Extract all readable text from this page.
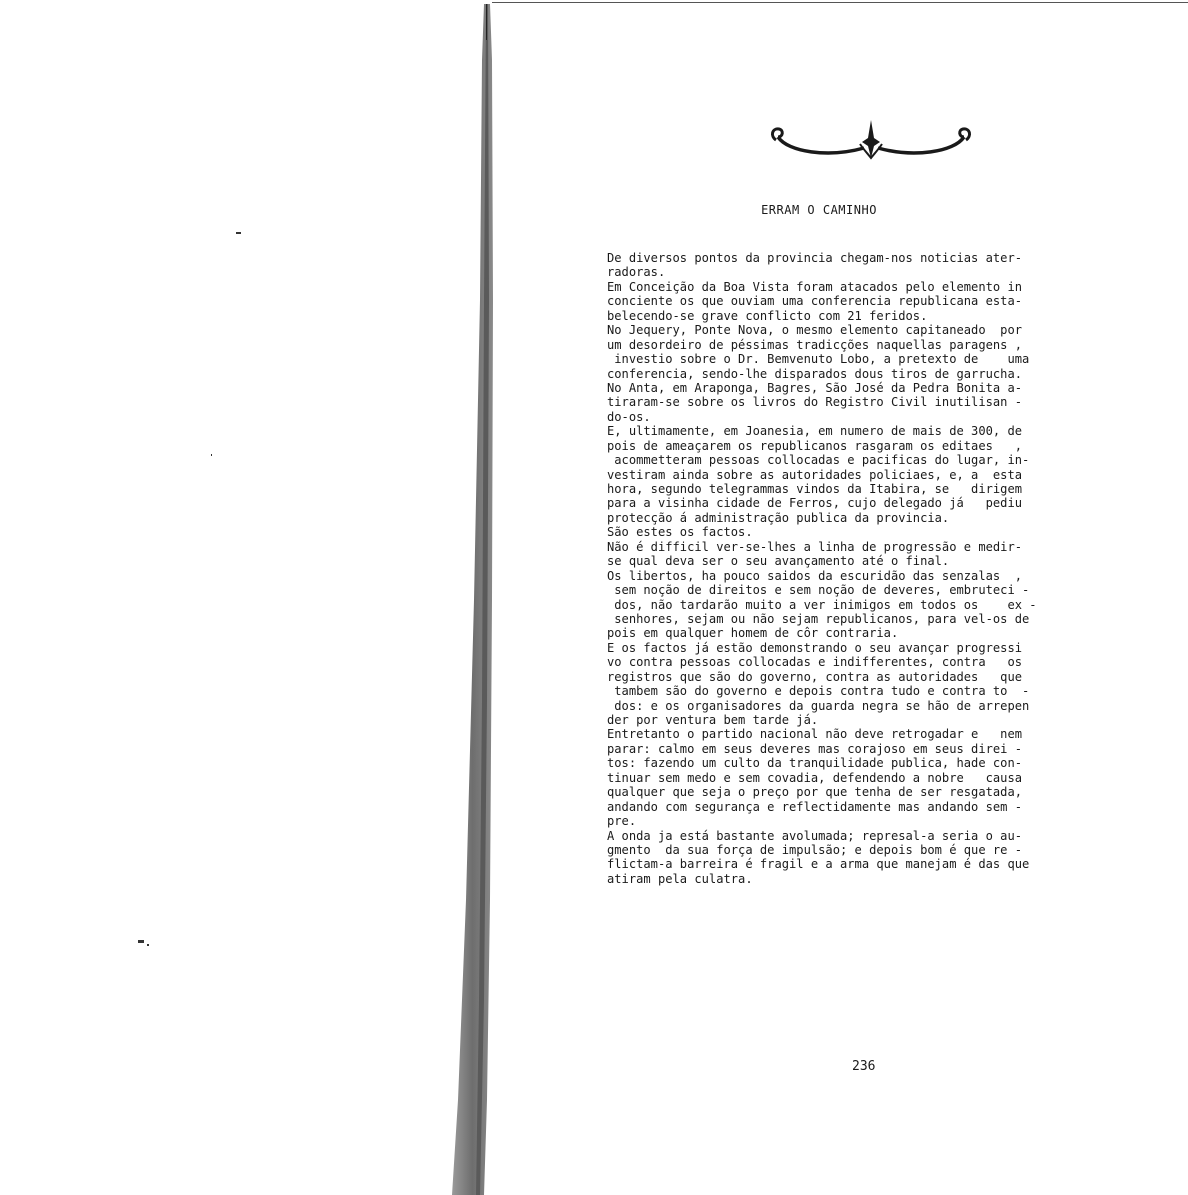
ERRAM O CAMINHO
De diversos pontos da provincia chegam-nos noticias ater-
radoras.
Em Conceição da Boa Vista foram atacados pelo elemento in
conciente os que ouviam uma conferencia republicana esta-
belecendo-se grave conflicto com 21 feridos.
No Jequery, Ponte Nova, o mesmo elemento capitaneado  por
um desordeiro de péssimas tradicções naquellas paragens ,
investio sobre o Dr. Bemvenuto Lobo, a pretexto de    uma
conferencia, sendo-lhe disparados dous tiros de garrucha.
No Anta, em Araponga, Bagres, São José da Pedra Bonita a-
tiraram-se sobre os livros do Registro Civil inutilisan -
do-os.
E, ultimamente, em Joanesia, em numero de mais de 300, de
pois de ameaçarem os republicanos rasgaram os editaes   ,
acommetteram pessoas collocadas e pacificas do lugar, in-
vestiram ainda sobre as autoridades policiaes, e, a  esta
hora, segundo telegrammas vindos da Itabira, se   dirigem
para a visinha cidade de Ferros, cujo delegado já   pediu
protecção á administração publica da provincia.
São estes os factos.
Não é difficil ver-se-lhes a linha de progressão e medir-
se qual deva ser o seu avançamento até o final.
Os libertos, ha pouco saidos da escuridão das senzalas  ,
sem noção de direitos e sem noção de deveres, embruteci -
dos, não tardarão muito a ver inimigos em todos os    ex -
senhores, sejam ou não sejam republicanos, para vel-os de
pois em qualquer homem de côr contraria.
E os factos já estão demonstrando o seu avançar progressi
vo contra pessoas collocadas e indifferentes, contra   os
registros que são do governo, contra as autoridades   que
tambem são do governo e depois contra tudo e contra to  -
dos: e os organisadores da guarda negra se hão de arrepen
der por ventura bem tarde já.
Entretanto o partido nacional não deve retrogadar e   nem
parar: calmo em seus deveres mas corajoso em seus direi -
tos: fazendo um culto da tranquilidade publica, hade con-
tinuar sem medo e sem covadia, defendendo a nobre   causa
qualquer que seja o preço por que tenha de ser resgatada,
andando com segurança e reflectidamente mas andando sem -
pre.
A onda ja está bastante avolumada; represal-a seria o au-
gmento  da sua força de impulsão; e depois bom é que re -
flictam-a barreira é fragil e a arma que manejam é das que
atiram pela culatra.
236
